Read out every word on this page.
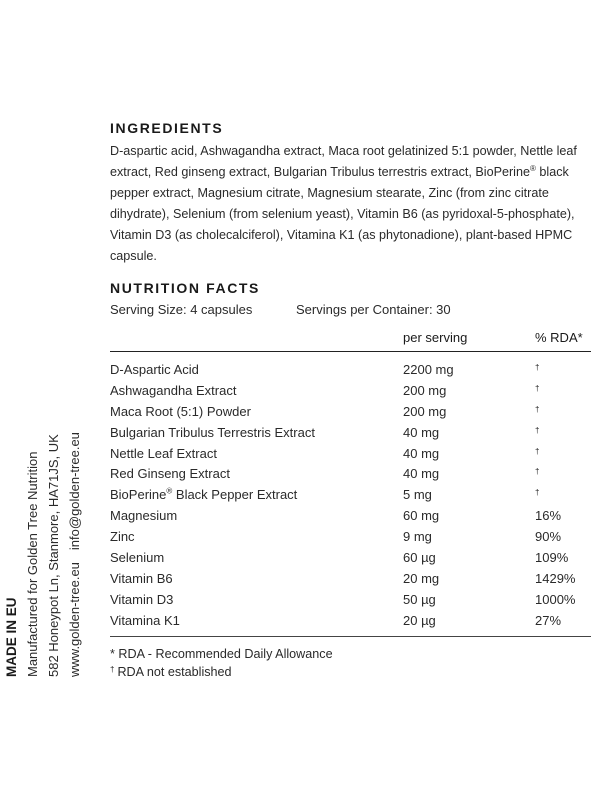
INGREDIENTS

D-aspartic acid, Ashwagandha extract, Maca root gelatinized 5:1 powder, Nettle leaf extract, Red ginseng extract, Bulgarian Tribulus terrestris extract, BioPerine® black pepper extract, Magnesium citrate, Magnesium stearate, Zinc (from zinc citrate dihydrate), Selenium (from selenium yeast), Vitamin B6 (as pyridoxal-5-phosphate), Vitamin D3 (as cholecalciferol), Vitamina K1 (as phytonadione), plant-based HPMC capsule.

NUTRITION FACTS
Serving Size: 4 capsules	Servings per Container: 30
per serving	% RDA*
D-Aspartic Acid	2200 mg	†
Ashwagandha Extract	200 mg	†
Maca Root (5:1) Powder	200 mg	†
Bulgarian Tribulus Terrestris Extract	40 mg	†
Nettle Leaf Extract	40 mg	†
Red Ginseng Extract	40 mg	†
BioPerine® Black Pepper Extract	5 mg	†
Magnesium	60 mg	16%
Zinc	9 mg	90%
Selenium	60 µg	109%
Vitamin B6	20 mg	1429%
Vitamin D3	50 µg	1000%
Vitamina K1	20 µg	27%
* RDA - Recommended Daily Allowance
† RDA not established
MADE IN EU Manufactured for Golden Tree Nutrition 582 Honeypot Ln, Stanmore, HA71JS, UK www.golden-tree.euinfo@golden-tree.eu
